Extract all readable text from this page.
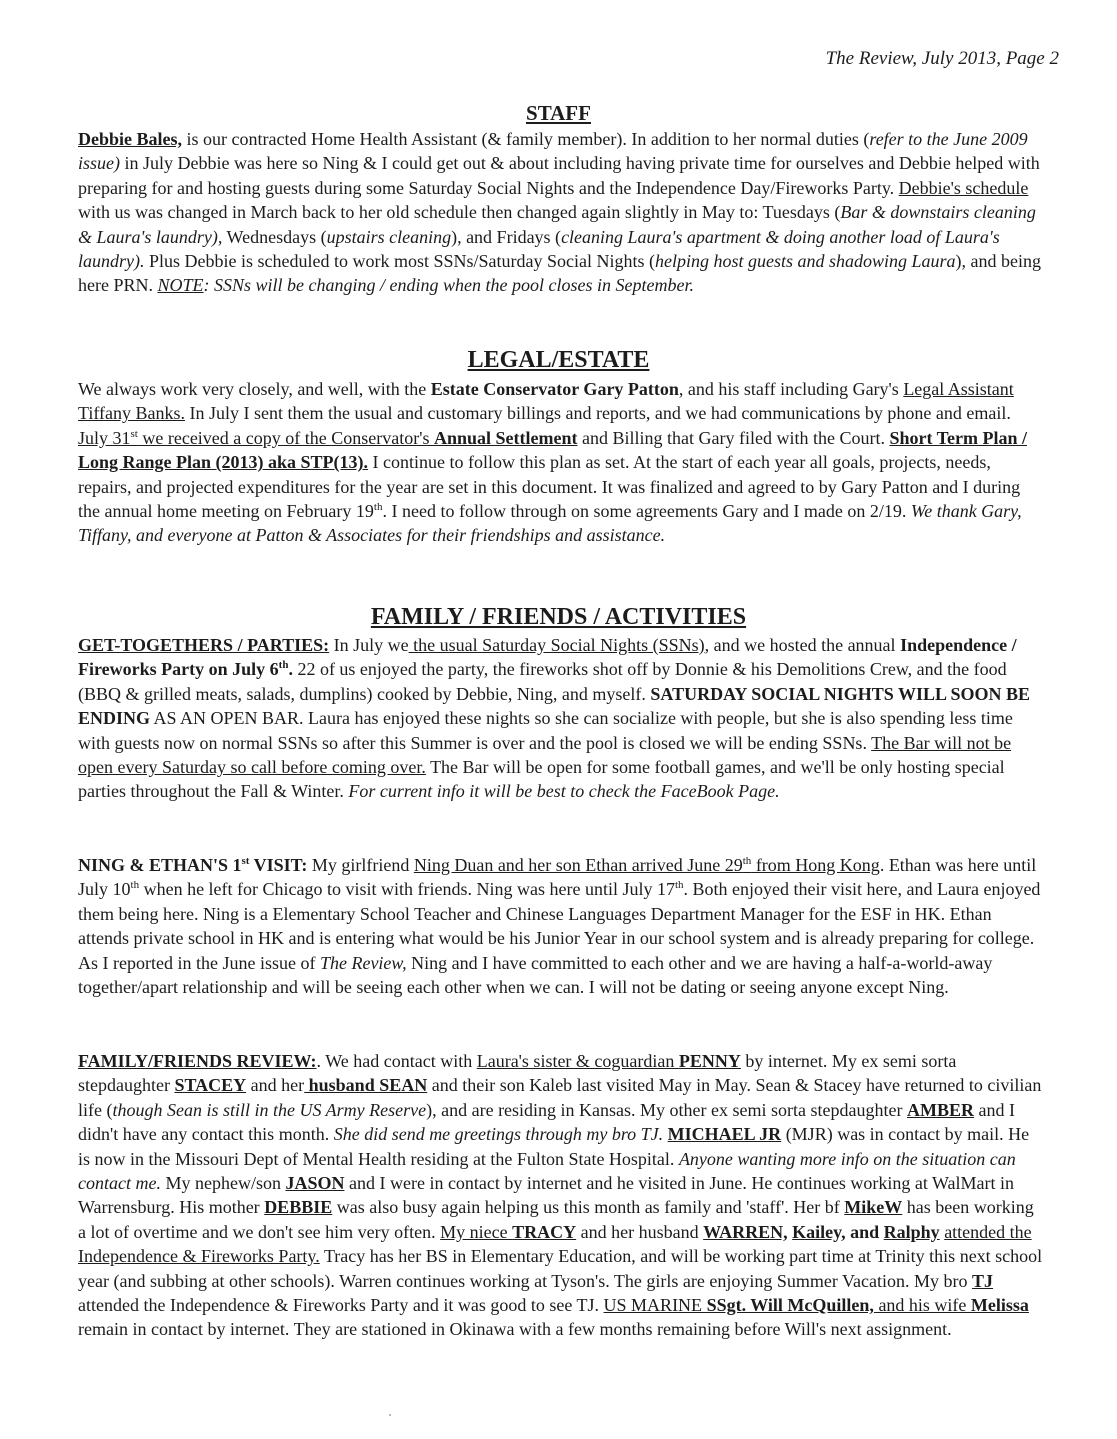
The Review, July 2013, Page 2
STAFF

Debbie Bales, is our contracted Home Health Assistant (& family member). In addition to her normal duties (refer to the June 2009 issue) in July Debbie was here so Ning & I could get out & about including having private time for ourselves and Debbie helped with preparing for and hosting guests during some Saturday Social Nights and the Independence Day/Fireworks Party. Debbie's schedule with us was changed in March back to her old schedule then changed again slightly in May to: Tuesdays (Bar & downstairs cleaning & Laura's laundry), Wednesdays (upstairs cleaning), and Fridays (cleaning Laura's apartment & doing another load of Laura's laundry). Plus Debbie is scheduled to work most SSNs/Saturday Social Nights (helping host guests and shadowing Laura), and being here PRN. NOTE: SSNs will be changing / ending when the pool closes in September.

LEGAL/ESTATE

We always work very closely, and well, with the Estate Conservator Gary Patton, and his staff including Gary's Legal Assistant Tiffany Banks. In July I sent them the usual and customary billings and reports, and we had communications by phone and email. July 31st we received a copy of the Conservator's Annual Settlement and Billing that Gary filed with the Court. Short Term Plan / Long Range Plan (2013) aka STP(13). I continue to follow this plan as set. At the start of each year all goals, projects, needs, repairs, and projected expenditures for the year are set in this document. It was finalized and agreed to by Gary Patton and I during the annual home meeting on February 19th. I need to follow through on some agreements Gary and I made on 2/19. We thank Gary, Tiffany, and everyone at Patton & Associates for their friendships and assistance.

FAMILY / FRIENDS / ACTIVITIES

GET-TOGETHERS / PARTIES: In July we the usual Saturday Social Nights (SSNs), and we hosted the annual Independence / Fireworks Party on July 6th. 22 of us enjoyed the party, the fireworks shot off by Donnie & his Demolitions Crew, and the food (BBQ & grilled meats, salads, dumplins) cooked by Debbie, Ning, and myself. SATURDAY SOCIAL NIGHTS WILL SOON BE ENDING AS AN OPEN BAR. Laura has enjoyed these nights so she can socialize with people, but she is also spending less time with guests now on normal SSNs so after this Summer is over and the pool is closed we will be ending SSNs. The Bar will not be open every Saturday so call before coming over. The Bar will be open for some football games, and we'll be only hosting special parties throughout the Fall & Winter. For current info it will be best to check the FaceBook Page.

NING & ETHAN'S 1st VISIT: My girlfriend Ning Duan and her son Ethan arrived June 29th from Hong Kong. Ethan was here until July 10th when he left for Chicago to visit with friends. Ning was here until July 17th. Both enjoyed their visit here, and Laura enjoyed them being here. Ning is a Elementary School Teacher and Chinese Languages Department Manager for the ESF in HK. Ethan attends private school in HK and is entering what would be his Junior Year in our school system and is already preparing for college. As I reported in the June issue of The Review, Ning and I have committed to each other and we are having a half-a-world-away together/apart relationship and will be seeing each other when we can. I will not be dating or seeing anyone except Ning.

FAMILY/FRIENDS REVIEW:. We had contact with Laura's sister & coguardian PENNY by internet. My ex semi sorta stepdaughter STACEY and her husband SEAN and their son Kaleb last visited May in May. Sean & Stacey have returned to civilian life (though Sean is still in the US Army Reserve), and are residing in Kansas. My other ex semi sorta stepdaughter AMBER and I didn't have any contact this month. She did send me greetings through my bro TJ. MICHAEL JR (MJR) was in contact by mail. He is now in the Missouri Dept of Mental Health residing at the Fulton State Hospital. Anyone wanting more info on the situation can contact me. My nephew/son JASON and I were in contact by internet and he visited in June. He continues working at WalMart in Warrensburg. His mother DEBBIE was also busy again helping us this month as family and 'staff'. Her bf MikeW has been working a lot of overtime and we don't see him very often. My niece TRACY and her husband WARREN, Kailey, and Ralphy attended the Independence & Fireworks Party. Tracy has her BS in Elementary Education, and will be working part time at Trinity this next school year (and subbing at other schools). Warren continues working at Tyson's. The girls are enjoying Summer Vacation. My bro TJ attended the Independence & Fireworks Party and it was good to see TJ. US MARINE SSgt. Will McQuillen, and his wife Melissa remain in contact by internet. They are stationed in Okinawa with a few months remaining before Will's next assignment.
